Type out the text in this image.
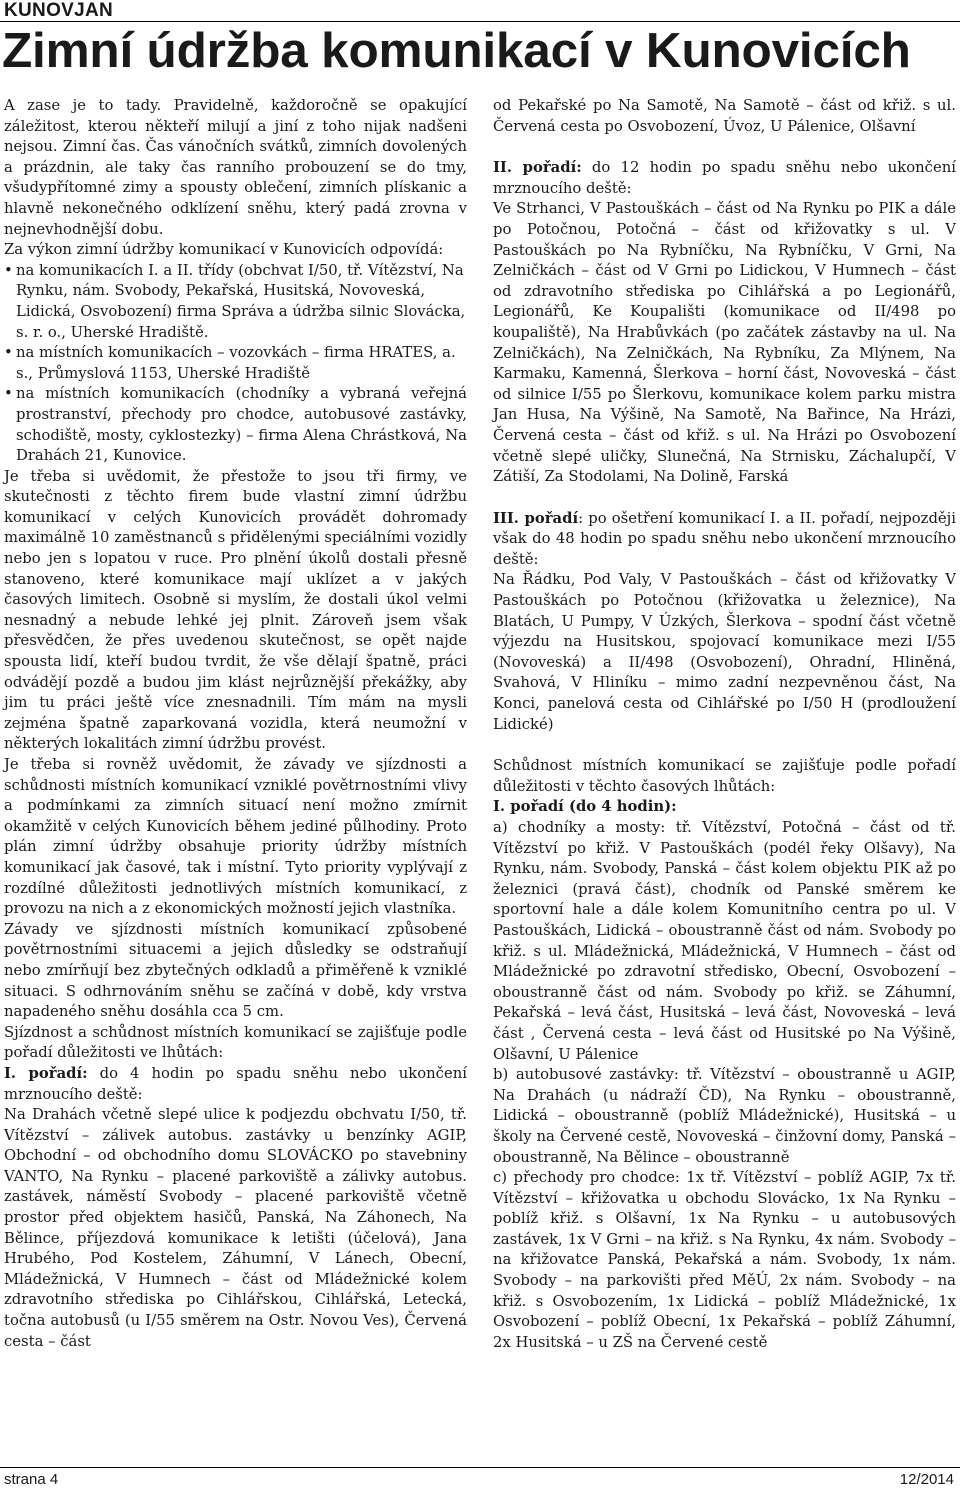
KUNOVJAN
Zimní údržba komunikací v Kunovicích

A zase je to tady. Pravidelně, každoročně se opakující záležitost, kterou někteří milují a jiní z toho nijak nadšeni nejsou. Zimní čas. Čas vánočních svátků, zimních dovolených a prázdnin, ale taky čas ranního probouzení se do tmy, všudypřítomné zimy a spousty oblečení, zimních plískanic a hlavně nekonečného odklízení sněhu, který padá zrovna v nejnevhodnější dobu.

Za výkon zimní údržby komunikací v Kunovicích odpovídá:

• na komunikacích I. a II. třídy (obchvat I/50, tř. Vítězství, Na Rynku, nám. Svobody, Pekařská, Husitská, Novoveská, Lidická, Osvobození) firma Správa a údržba silnic Slovácka, s. r. o., Uherské Hradiště.
• na místních komunikacích – vozovkách – firma HRATES, a. s., Průmyslová 1153, Uherské Hradiště
• na místních komunikacích (chodníky a vybraná veřejná prostranství, přechody pro chodce, autobusové zastávky, schodiště, mosty, cyklostezky) – firma Alena Chrástková, Na Drahách 21, Kunovice.

Je třeba si uvědomit, že přestože to jsou tři firmy, ve skutečnosti z těchto firem bude vlastní zimní údržbu komunikací v celých Kunovicích provádět dohromady maximálně 10 zaměstnanců s přidělenými speciálními vozidly nebo jen s lopatou v ruce. Pro plnění úkolů dostali přesně stanoveno, které komunikace mají uklízet a v jakých časových limitech. Osobně si myslím, že dostali úkol velmi nesnadný a nebude lehké jej plnit. Zároveň jsem však přesvědčen, že přes uvedenou skutečnost, se opět najde spousta lidí, kteří budou tvrdit, že vše dělají špatně, práci odvádějí pozdě a budou jim klást nejrůznější překážky, aby jim tu práci ještě více znesnadnili. Tím mám na mysli zejména špatně zaparkovaná vozidla, která neumožní v některých lokalitách zimní údržbu provést.

Je třeba si rovněž uvědomit, že závady ve sjízdnosti a schůdnosti místních komunikací vzniklé povětrnostními vlivy a podmínkami za zimních situací není možno zmírnit okamžitě v celých Kunovicích během jediné půlhodiny. Proto plán zimní údržby obsahuje priority údržby místních komunikací jak časové, tak i místní. Tyto priority vyplývají z rozdílné důležitosti jednotlivých místních komunikací, z provozu na nich a z ekonomických možností jejich vlastníka.

Závady ve sjízdnosti místních komunikací způsobené povětrnostními situacemi a jejich důsledky se odstraňují nebo zmírňují bez zbytečných odkladů a přiměřeně k vzniklé situaci. S odhrnováním sněhu se začíná v době, kdy vrstva napadeného sněhu dosáhla cca 5 cm.

Sjízdnost a schůdnost místních komunikací se zajišťuje podle pořadí důležitosti ve lhůtách:

I. pořadí: do 4 hodin po spadu sněhu nebo ukončení mrznoucího deště:

Na Drahách včetně slepé ulice k podjezdu obchvatu I/50, tř. Vítězství – zálivek autobus. zastávky u benzínky AGIP, Obchodní – od obchodního domu SLOVÁCKO po stavebniny VANTO, Na Rynku – placené parkoviště a zálivky autobus. zastávek, náměstí Svobody – placené parkoviště včetně prostor před objektem hasičů, Panská, Na Záhonech, Na Bělince, příjezdová komunikace k letišti (účelová), Jana Hrubého, Pod Kostelem, Záhumní, V Lánech, Obecní, Mládežnická, V Humnech – část od Mládežnické kolem zdravotního střediska po Cihlářskou, Cihlářská, Letecká, točna autobusů (u I/55 směrem na Ostr. Novou Ves), Červená cesta – část

od Pekařské po Na Samotě, Na Samotě – část od křiž. s ul. Červená cesta po Osvobození, Úvoz, U Pálenice, Olšavní

II. pořadí: do 12 hodin po spadu sněhu nebo ukončení mrznoucího deště:

Ve Strhanci, V Pastouškách – část od Na Rynku po PIK a dále po Potočnou, Potočná – část od křižovatky s ul. V Pastouškách po Na Rybníčku, Na Rybníčku, V Grni, Na Zelničkách – část od V Grni po Lidickou, V Humnech – část od zdravotního střediska po Cihlářská a po Legionářů, Legionářů, Ke Koupališti (komunikace od II/498 po koupaliště), Na Hrabůvkách (po začátek zástavby na ul. Na Zelničkách), Na Zelničkách, Na Rybníku, Za Mlýnem, Na Karmaku, Kamenná, Šlerkova – horní část, Novoveská – část od silnice I/55 po Šlerkovu, komunikace kolem parku mistra Jan Husa, Na Výšině, Na Samotě, Na Bařince, Na Hrázi, Červená cesta – část od křiž. s ul. Na Hrázi po Osvobození včetně slepé uličky, Slunečná, Na Strnisku, Záchalupčí, V Zátiší, Za Stodolami, Na Dolině, Farská

III. pořadí: po ošetření komunikací I. a II. pořadí, nejpozději však do 48 hodin po spadu sněhu nebo ukončení mrznoucího deště:

Na Řádku, Pod Valy, V Pastouškách – část od křižovatky V Pastouškách po Potočnou (křižovatka u železnice), Na Blatách, U Pumpy, V Úzkých, Šlerkova – spodní část včetně výjezdu na Husitskou, spojovací komunikace mezi I/55 (Novoveská) a II/498 (Osvobození), Ohradní, Hliněná, Svahová, V Hliníku – mimo zadní nezpevněnou část, Na Konci, panelová cesta od Cihlářské po I/50 H (prodloužení Lidické)

Schůdnost místních komunikací se zajišťuje podle pořadí důležitosti v těchto časových lhůtách:

I. pořadí (do 4 hodin):

a) chodníky a mosty: tř. Vítězství, Potočná – část od tř. Vítězství po křiž. V Pastouškách (podél řeky Olšavy), Na Rynku, nám. Svobody, Panská – část kolem objektu PIK až po železnici (pravá část), chodník od Panské směrem ke sportovní hale a dále kolem Komunitního centra po ul. V Pastouškách, Lidická – oboustranně část od nám. Svobody po křiž. s ul. Mládežnická, Mládežnická, V Humnech – část od Mládežnické po zdravotní středisko, Obecní, Osvobození – oboustranně část od nám. Svobody po křiž. se Záhumní, Pekařská – levá část, Husitská – levá část, Novoveská – levá část , Červená cesta – levá část od Husitské po Na Výšině, Olšavní, U Pálenice

b) autobusové zastávky: tř. Vítězství – oboustranně u AGIP, Na Drahách (u nádraží ČD), Na Rynku – oboustranně, Lidická – oboustranně (poblíž Mládežnické), Husitská – u školy na Červené cestě, Novoveská – činžovní domy, Panská – oboustranně, Na Bělince – oboustranně

c) přechody pro chodce: 1x tř. Vítězství – poblíž AGIP, 7x tř. Vítězství – křižovatka u obchodu Slovácko, 1x Na Rynku – poblíž křiž. s Olšavní, 1x Na Rynku – u autobusových zastávek, 1x V Grni – na křiž. s Na Rynku, 4x nám. Svobody – na křižovatce Panská, Pekařská a nám. Svobody, 1x nám. Svobody – na parkovišti před MěÚ, 2x nám. Svobody – na křiž. s Osvobozením, 1x Lidická – poblíž Mládežnické, 1x Osvobození – poblíž Obecní, 1x Pekařská – poblíž Záhumní, 2x Husitská – u ZŠ na Červené cestě

strana 4	12/2014
